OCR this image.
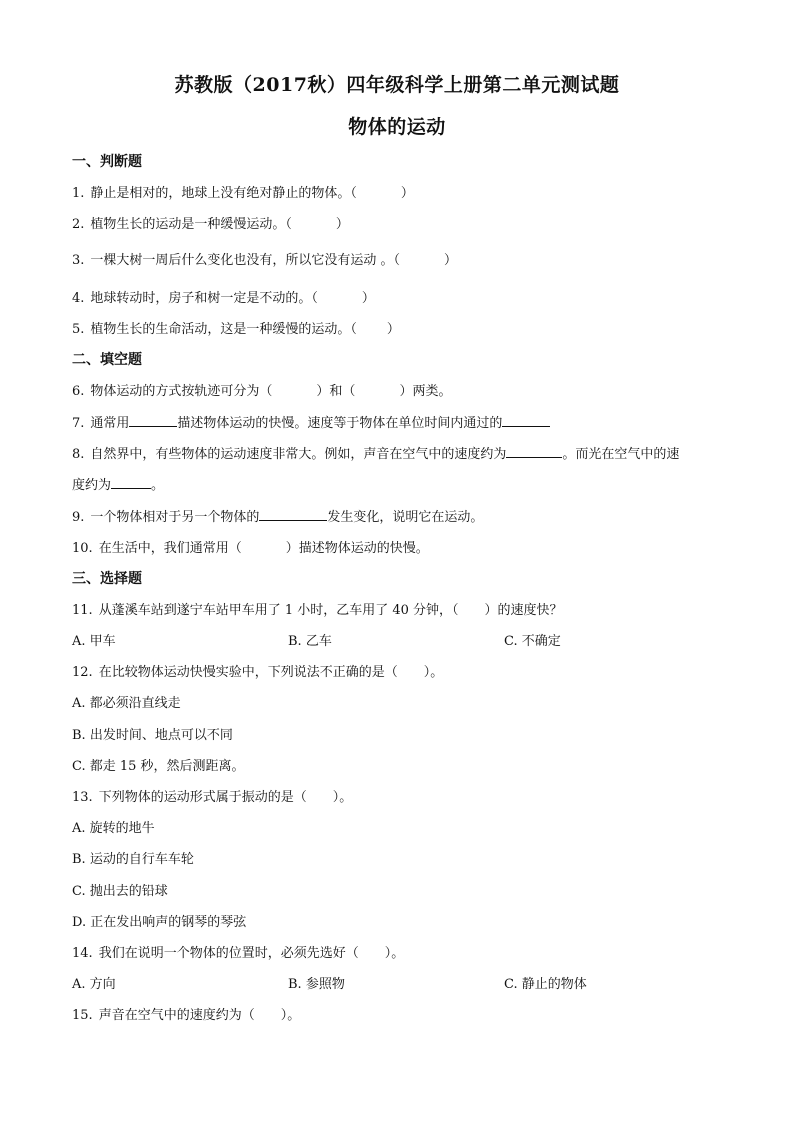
苏教版（2017秋）四年级科学上册第二单元测试题
物体的运动
一、判断题
1. 静止是相对的，地球上没有绝对静止的物体。（	）
2. 植物生长的运动是一种缓慢运动。（	）
3. 一棵大树一周后什么变化也没有，所以它没有运动 。（	）
4. 地球转动时，房子和树一定是不动的。（	）
5. 植物生长的生命活动，这是一种缓慢的运动。（ ）
二、填空题
6. 物体运动的方式按轨迹可分为（	）和（	）两类。
7. 通常用	描述物体运动的快慢。速度等于物体在单位时间内通过的
8. 自然界中，有些物体的运动速度非常大。例如，声音在空气中的速度约为	。而光在空气中的速
度约为	。
9. 一个物体相对于另一个物体的	发生变化，说明它在运动。
10. 在生活中，我们通常用（	）描述物体运动的快慢。
三、选择题
11. 从蓬溪车站到遂宁车站甲车用了 1 小时，乙车用了 40 分钟，（　　）的速度快？
A. 甲车	B. 乙车	C. 不确定
12. 在比较物体运动快慢实验中，下列说法不正确的是（　　）。
A. 都必须沿直线走
B. 出发时间、地点可以不同
C. 都走 15 秒，然后测距离。
13. 下列物体的运动形式属于振动的是（　　）。
A. 旋转的地牛
B. 运动的自行车车轮
C. 抛出去的铅球
D. 正在发出响声的钢琴的琴弦
14. 我们在说明一个物体的位置时，必须先选好（　　）。
A. 方向	B. 参照物	C. 静止的物体
15. 声音在空气中的速度约为（　　）。
